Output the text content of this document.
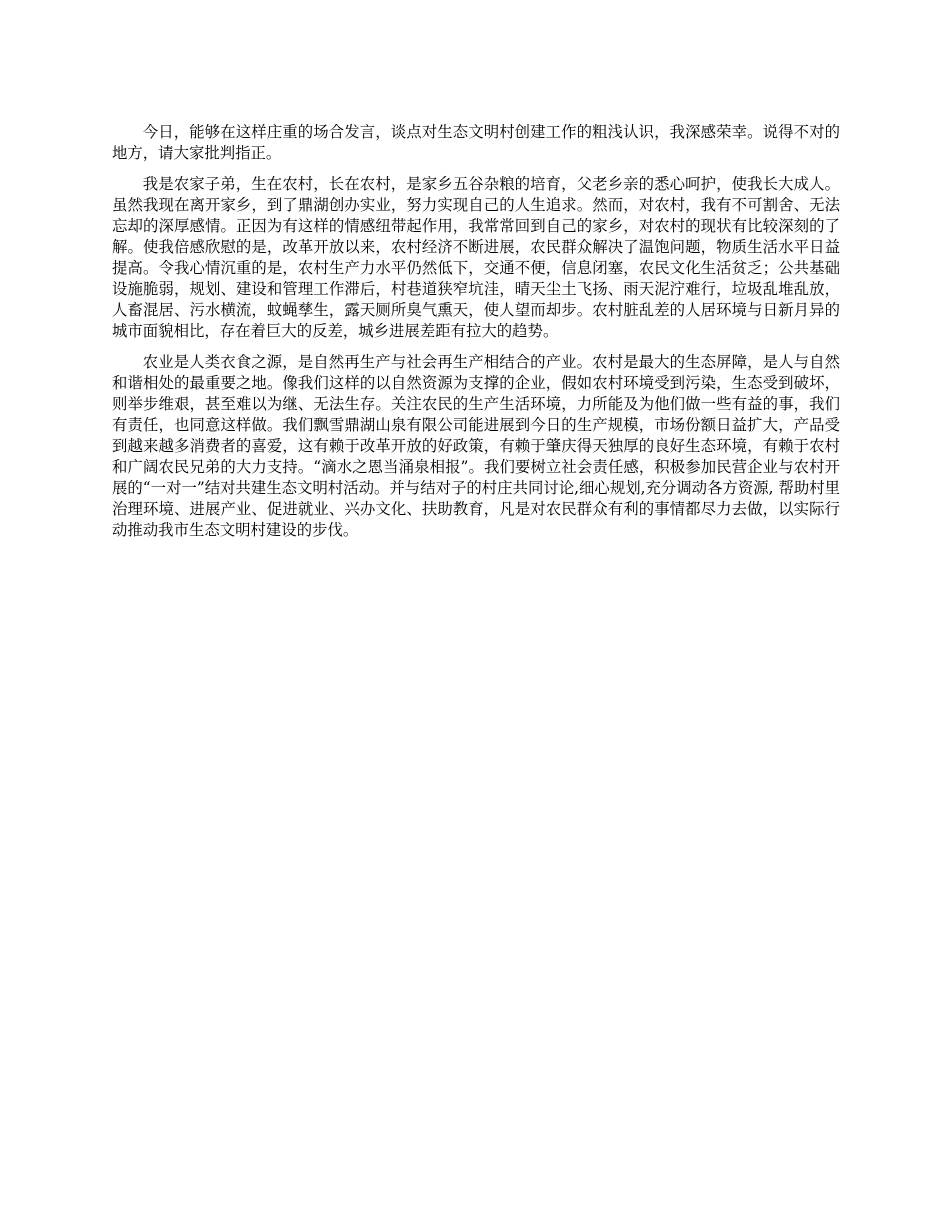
今日，能够在这样庄重的场合发言，谈点对生态文明村创建工作的粗浅认识，我深感荣幸。说得不对的地方，请大家批判指正。

我是农家子弟，生在农村，长在农村，是家乡五谷杂粮的培育，父老乡亲的悉心呵护，使我长大成人。虽然我现在离开家乡，到了鼎湖创办实业，努力实现自己的人生追求。然而，对农村，我有不可割舍、无法忘却的深厚感情。正因为有这样的情感纽带起作用，我常常回到自己的家乡，对农村的现状有比较深刻的了解。使我倍感欣慰的是，改革开放以来，农村经济不断进展，农民群众解决了温饱问题，物质生活水平日益提高。令我心情沉重的是，农村生产力水平仍然低下，交通不便，信息闭塞，农民文化生活贫乏；公共基础设施脆弱，规划、建设和管理工作滞后，村巷道狭窄坑洼，晴天尘土飞扬、雨天泥泞难行，垃圾乱堆乱放，人畜混居、污水横流，蚊蝇孳生，露天厕所臭气熏天，使人望而却步。农村脏乱差的人居环境与日新月异的城市面貌相比，存在着巨大的反差，城乡进展差距有拉大的趋势。

农业是人类衣食之源，是自然再生产与社会再生产相结合的产业。农村是最大的生态屏障，是人与自然和谐相处的最重要之地。像我们这样的以自然资源为支撑的企业，假如农村环境受到污染，生态受到破坏，则举步维艰，甚至难以为继、无法生存。关注农民的生产生活环境，力所能及为他们做一些有益的事，我们有责任，也同意这样做。我们飘雪鼎湖山泉有限公司能进展到今日的生产规模，市场份额日益扩大，产品受到越来越多消费者的喜爱，这有赖于改革开放的好政策，有赖于肇庆得天独厚的良好生态环境，有赖于农村和广阔农民兄弟的大力支持。“滴水之恩当涌泉相报”。我们要树立社会责任感，积极参加民营企业与农村开展的“一对一”结对共建生态文明村活动。并与结对子的村庄共同讨论,细心规划,充分调动各方资源, 帮助村里治理环境、进展产业、促进就业、兴办文化、扶助教育，凡是对农民群众有利的事情都尽力去做，以实际行动推动我市生态文明村建设的步伐。
